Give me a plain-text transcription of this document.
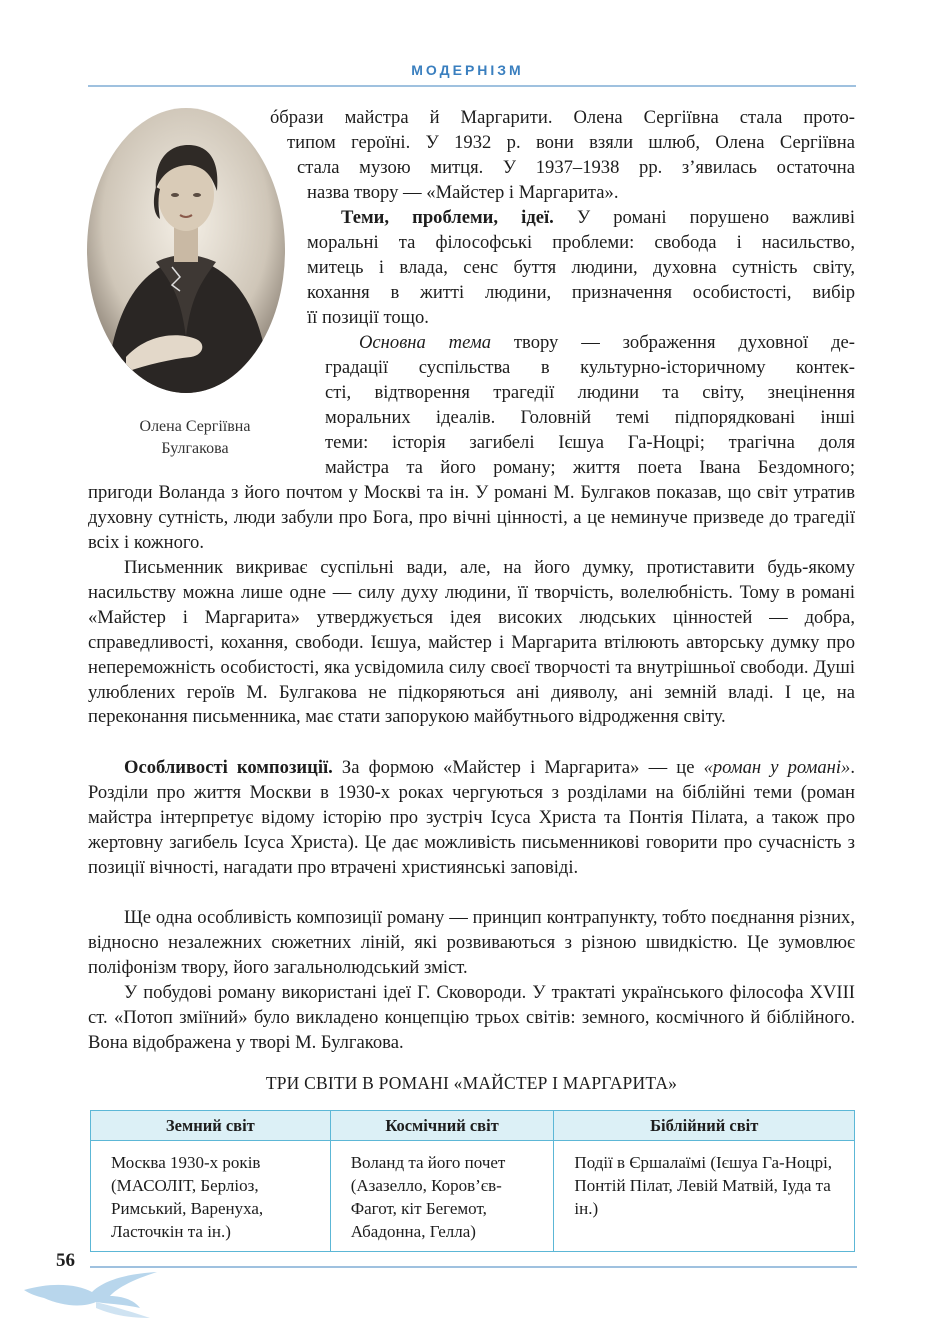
МОДЕРНІЗМ
Олена Сергіївна
Булгакова
óбрази майстра й Маргарити. Олена Сергіївна стала прото-
типом героїні. У 1932 р. вони взяли шлюб, Олена Сергіївна
стала музою митця. У 1937–1938 рр. з’явилась остаточна
назва твору — «Майстер і Маргарита».
Теми, проблеми, ідеї. У романі порушено важливі
моральні та філософські проблеми: свобода і насильство,
митець і влада, сенс буття людини, духовна сутність світу,
кохання в житті людини, призначення особистості, вибір
її позиції тощо.
Основна тема твору — зображення духовної де-
градації суспільства в культурно-історичному контек-
сті, відтворення трагедії людини та світу, знецінення
моральних ідеалів. Головній темі підпорядковані інші
теми: історія загибелі Ієшуа Га-Ноцрі; трагічна доля
майстра та його роману; життя поета Івана Бездомного;

пригоди Воланда з його почтом у Москві та ін. У романі М. Булгаков показав, що світ утратив духовну сутність, люди забули про Бога, про вічні цінності, а це неминуче призведе до трагедії всіх і кожного.

Письменник викриває суспільні вади, але, на його думку, протиставити будь-якому насильству можна лише одне — силу духу людини, її творчість, волелюбність. Тому в романі «Майстер і Маргарита» утверджується ідея високих людських цінностей — добра, справедливості, кохання, свободи. Ієшуа, майстер і Маргарита втілюють авторську думку про непереможність особистості, яка усвідомила силу своєї творчості та внутрішньої свободи. Душі улюблених героїв М. Булгакова не підкоряються ані дияволу, ані земній владі. І це, на переконання письменника, має стати запорукою майбутнього відродження світу.

Особливості композиції. За формою «Майстер і Маргарита» — це «роман у романі». Розділи про життя Москви в 1930-х роках чергуються з розділами на біблійні теми (роман майстра інтерпретує відому історію про зустріч Ісуса Христа та Понтія Пілата, а також про жертовну загибель Ісуса Христа). Це дає можливість письменникові говорити про сучасність з позиції вічності, нагадати про втрачені християнські заповіді.

Ще одна особливість композиції роману — принцип контрапункту, тобто поєднання різних, відносно незалежних сюжетних ліній, які розвиваються з різною швидкістю. Це зумовлює поліфонізм твору, його загальнолюдський зміст.

У побудові роману використані ідеї Г. Сковороди. У трактаті українського філософа XVIII ст. «Потоп зміїний» було викладено концепцію трьох світів: земного, космічного й біблійного. Вона відображена у творі М. Булгакова.

ТРИ СВІТИ В РОМАНІ «МАЙСТЕР І МАРГАРИТА»
Земний світ	Космічний світ	Біблійний світ
Москва 1930-х років (МАСОЛІТ, Берліоз, Римський, Варенуха, Ласточкін та ін.)	Воланд та його почет (Азазелло, Коров’єв-Фагот, кіт Бегемот, Абадонна, Гелла)	Події в Єршалаїмі (Ієшуа Га-Ноцрі, Понтій Пілат, Левій Матвій, Іуда та ін.)
56
